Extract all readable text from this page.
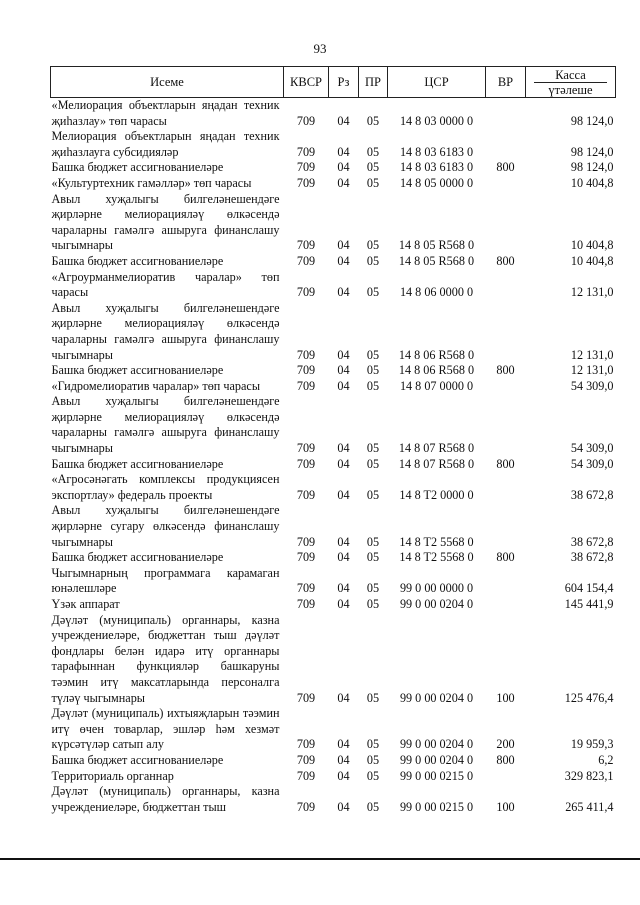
93
Исеме	КВСР	Рз	ПР	ЦСР	ВР	Касса
үтәлеше

«Мелиорация объектларын яңадан техник җиһазлау» төп чарасы	709	04	05	14 8 03 0000 0		98 124,0
Мелиорация объектларын яңадан техник җиһазлауга субсидияләр	709	04	05	14 8 03 6183 0		98 124,0
Башка бюджет ассигнованиеләре	709	04	05	14 8 03 6183 0	800	98 124,0
«Культуртехник гамәлләр» төп чарасы	709	04	05	14 8 05 0000 0		10 404,8
Авыл хуҗалыгы билгеләнешендәге җирләрне мелиорацияләү өлкәсендә чараларны гамәлгә ашыруга финанслашу чыгымнары	709	04	05	14 8 05 R568 0		10 404,8
Башка бюджет ассигнованиеләре	709	04	05	14 8 05 R568 0	800	10 404,8
«Агроурманмелиоратив чаралар» төп чарасы	709	04	05	14 8 06 0000 0		12 131,0
Авыл хуҗалыгы билгеләнешендәге җирләрне мелиорацияләү өлкәсендә чараларны гамәлгә ашыруга финанслашу чыгымнары	709	04	05	14 8 06 R568 0		12 131,0
Башка бюджет ассигнованиеләре	709	04	05	14 8 06 R568 0	800	12 131,0
«Гидромелиоратив чаралар» төп чарасы	709	04	05	14 8 07 0000 0		54 309,0
Авыл хуҗалыгы билгеләнешендәге җирләрне мелиорацияләү өлкәсендә чараларны гамәлгә ашыруга финанслашу чыгымнары	709	04	05	14 8 07 R568 0		54 309,0
Башка бюджет ассигнованиеләре	709	04	05	14 8 07 R568 0	800	54 309,0
«Агросәнәгать комплексы продукциясен экспортлау» федераль проекты	709	04	05	14 8 T2 0000 0		38 672,8
Авыл хуҗалыгы билгеләнешендәге җирләрне сугару өлкәсендә финанслашу чыгымнары	709	04	05	14 8 T2 5568 0		38 672,8
Башка бюджет ассигнованиеләре	709	04	05	14 8 T2 5568 0	800	38 672,8
Чыгымнарның программага карамаган юнәлешләре	709	04	05	99 0 00 0000 0		604 154,4
Үзәк аппарат	709	04	05	99 0 00 0204 0		145 441,9
Дәүләт (муниципаль) органнары, казна учреждениеләре, бюджеттан тыш дәүләт фондлары белән идарә итү органнары тарафыннан функцияләр башкаруны тәэмин итү максатларында персоналга түләү чыгымнары	709	04	05	99 0 00 0204 0	100	125 476,4
Дәүләт (муниципаль) ихтыяҗларын тәэмин итү өчен товарлар, эшләр һәм хезмәт күрсәтүләр сатып алу	709	04	05	99 0 00 0204 0	200	19 959,3
Башка бюджет ассигнованиеләре	709	04	05	99 0 00 0204 0	800	6,2
Территориаль органнар	709	04	05	99 0 00 0215 0		329 823,1
Дәүләт (муниципаль) органнары, казна учреждениеләре, бюджеттан тыш	709	04	05	99 0 00 0215 0	100	265 411,4
